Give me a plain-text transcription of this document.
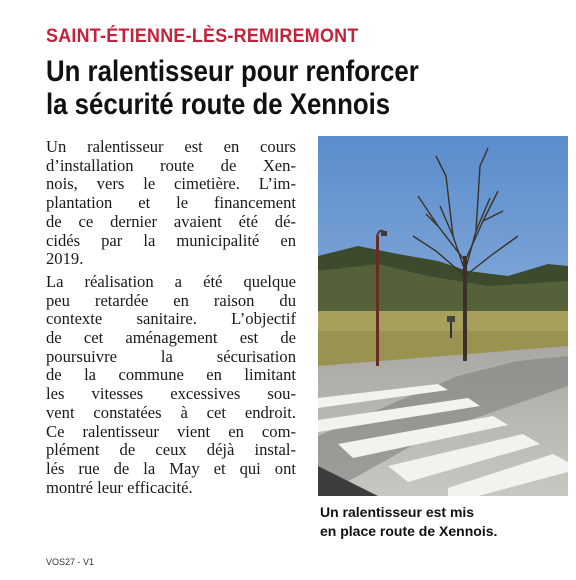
SAINT-ÉTIENNE-LÈS-REMIREMONT
Un ralentisseur pour renforcer
la sécurité route de Xennois

Un ralentisseur est en cours
d’installation route de Xen-
nois, vers le cimetière. L’im-
plantation et le financement
de ce dernier avaient été dé-
cidés par la municipalité en
2019.

La réalisation a été quelque
peu retardée en raison du
contexte sanitaire. L’objectif
de cet aménagement est de
poursuivre la sécurisation
de la commune en limitant
les vitesses excessives sou-
vent constatées à cet endroit.
Ce ralentisseur vient en com-
plément de ceux déjà instal-
lés rue de la May et qui ont
montré leur efficacité.

Un ralentisseur est mis
en place route de Xennois.
VOS27 - V1
